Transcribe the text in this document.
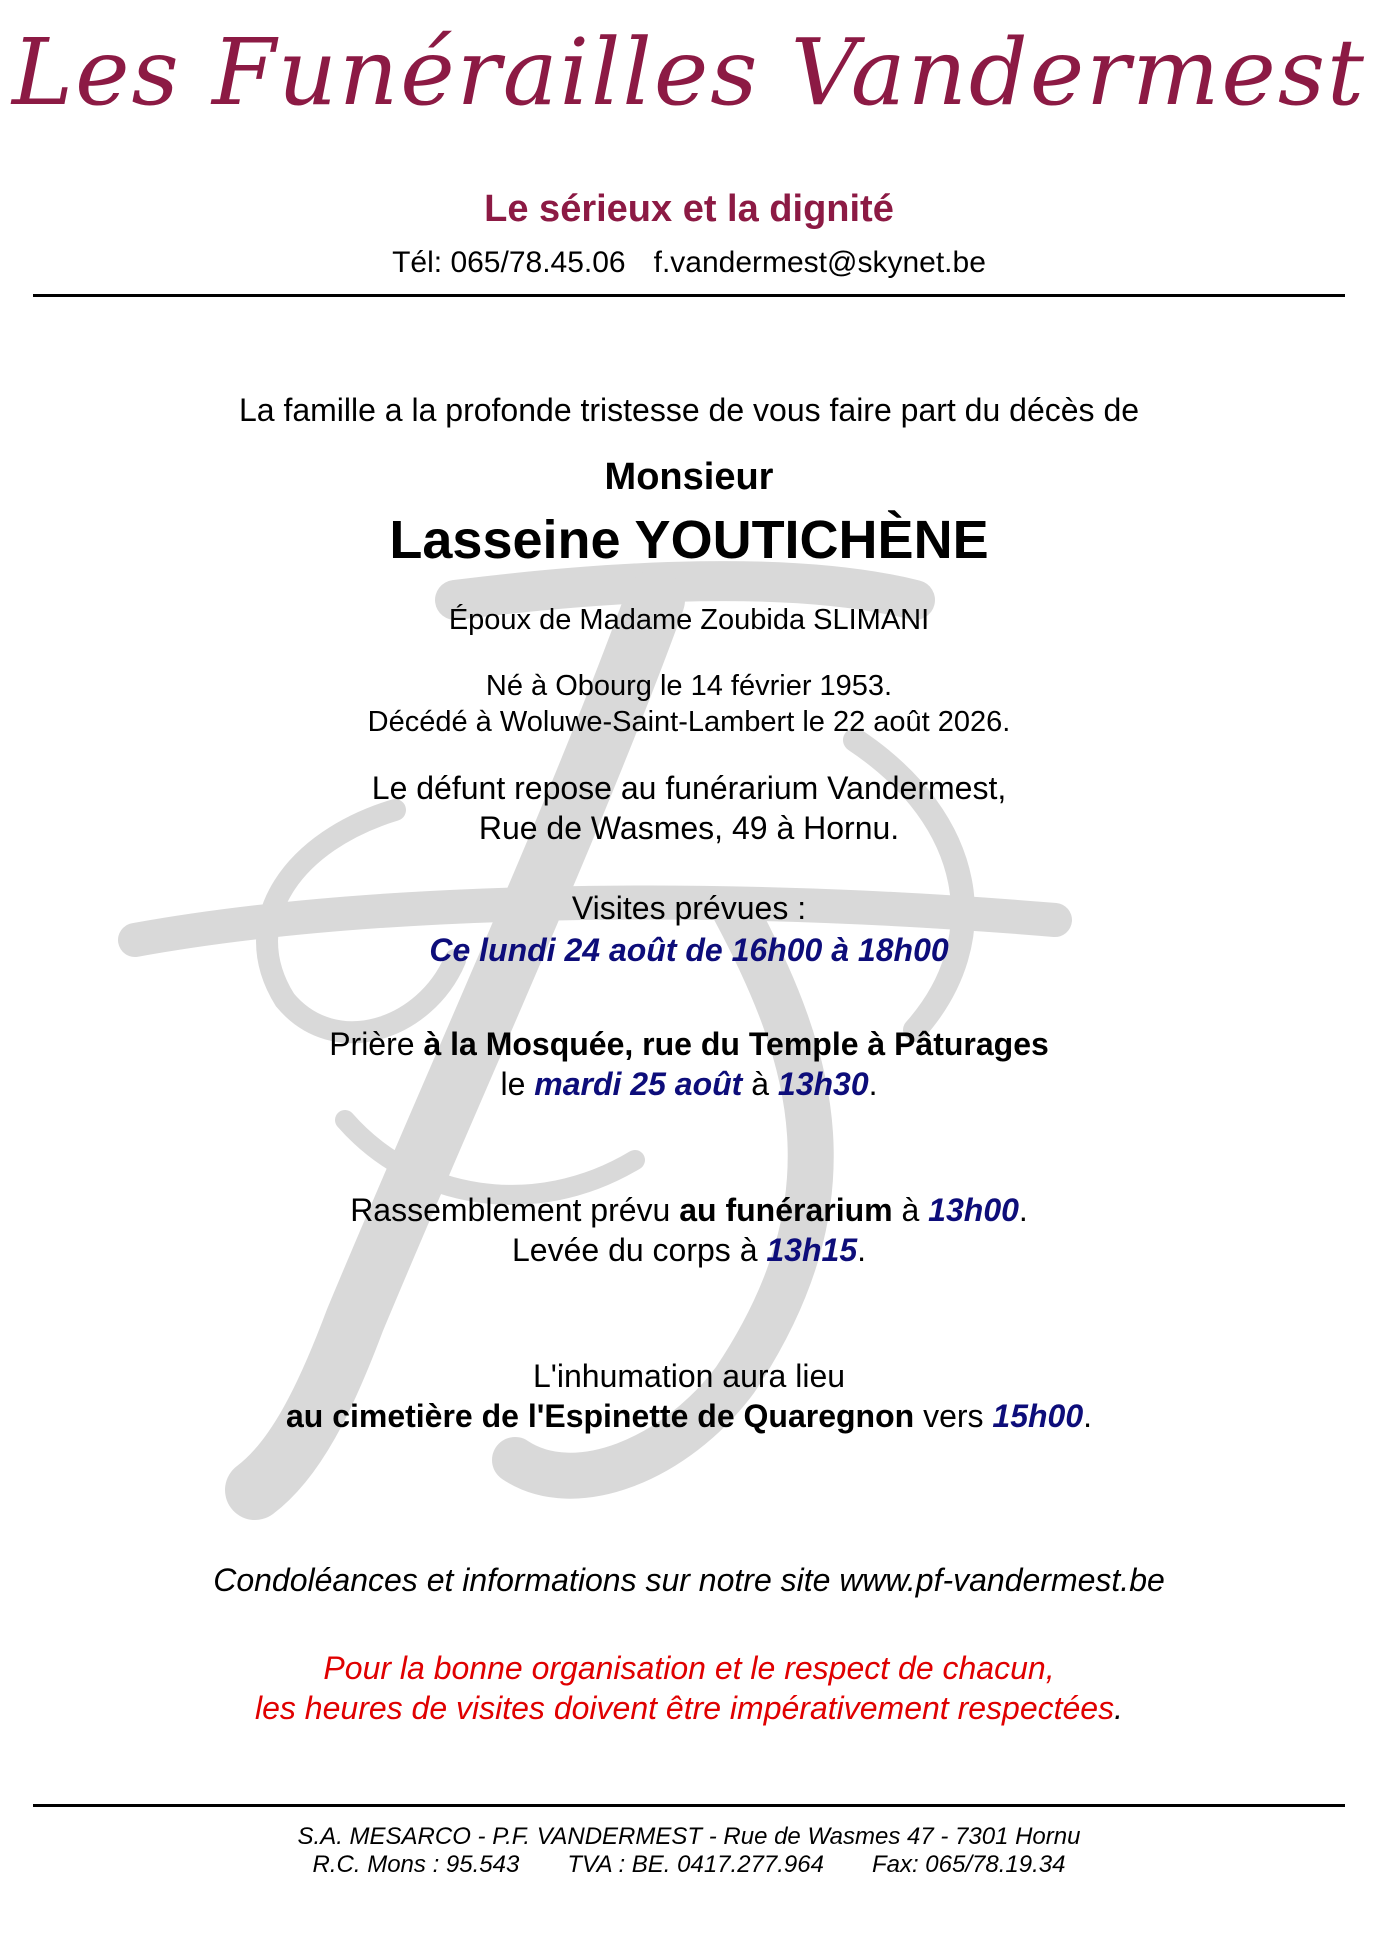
Les Funérailles Vandermest
Le sérieux et la dignité
Tél: 065/78.45.06 f.vandermest@skynet.be
La famille a la profonde tristesse de vous faire part du décès de
Monsieur
Lasseine YOUTICHÈNE
Époux de Madame Zoubida SLIMANI
Né à Obourg le 14 février 1953.
Décédé à Woluwe-Saint-Lambert le 22 août 2026.
Le défunt repose au funérarium Vandermest,
Rue de Wasmes, 49 à Hornu.
Visites prévues :
Ce lundi 24 août de 16h00 à 18h00
Prière à la Mosquée, rue du Temple à Pâturages
le mardi 25 août à 13h30.
Rassemblement prévu au funérarium à 13h00.
Levée du corps à 13h15.
L'inhumation aura lieu
au cimetière de l'Espinette de Quaregnon vers 15h00.
Condoléances et informations sur notre site www.pf-vandermest.be
Pour la bonne organisation et le respect de chacun,
les heures de visites doivent être impérativement respectées.
S.A. MESARCO - P.F. VANDERMEST - Rue de Wasmes 47 - 7301 Hornu
R.C. Mons : 95.543 TVA : BE. 0417.277.964 Fax: 065/78.19.34
